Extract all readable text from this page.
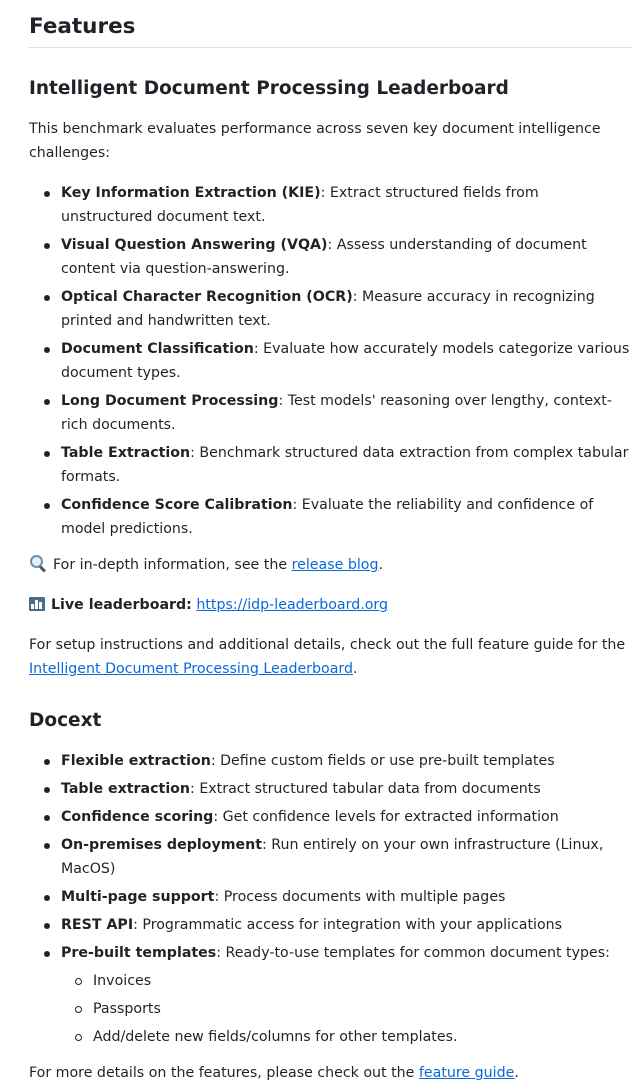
Features
Intelligent Document Processing Leaderboard

This benchmark evaluates performance across seven key document intelligence challenges:

Key Information Extraction (KIE): Extract structured fields from unstructured document text.
Visual Question Answering (VQA): Assess understanding of document content via question-answering.
Optical Character Recognition (OCR): Measure accuracy in recognizing printed and handwritten text.
Document Classification: Evaluate how accurately models categorize various document types.
Long Document Processing: Test models' reasoning over lengthy, context-rich documents.
Table Extraction: Benchmark structured data extraction from complex tabular formats.
Confidence Score Calibration: Evaluate the reliability and confidence of model predictions.

For in-depth information, see the release blog.

Live leaderboard: https://idp-leaderboard.org

For setup instructions and additional details, check out the full feature guide for the Intelligent Document Processing Leaderboard.

Docext
Flexible extraction: Define custom fields or use pre-built templates
Table extraction: Extract structured tabular data from documents
Confidence scoring: Get confidence levels for extracted information
On-premises deployment: Run entirely on your own infrastructure (Linux, MacOS)
Multi-page support: Process documents with multiple pages
REST API: Programmatic access for integration with your applications
Pre-built templates: Ready-to-use templates for common document types:
Invoices
Passports
Add/delete new fields/columns for other templates.

For more details on the features, please check out the feature guide.
